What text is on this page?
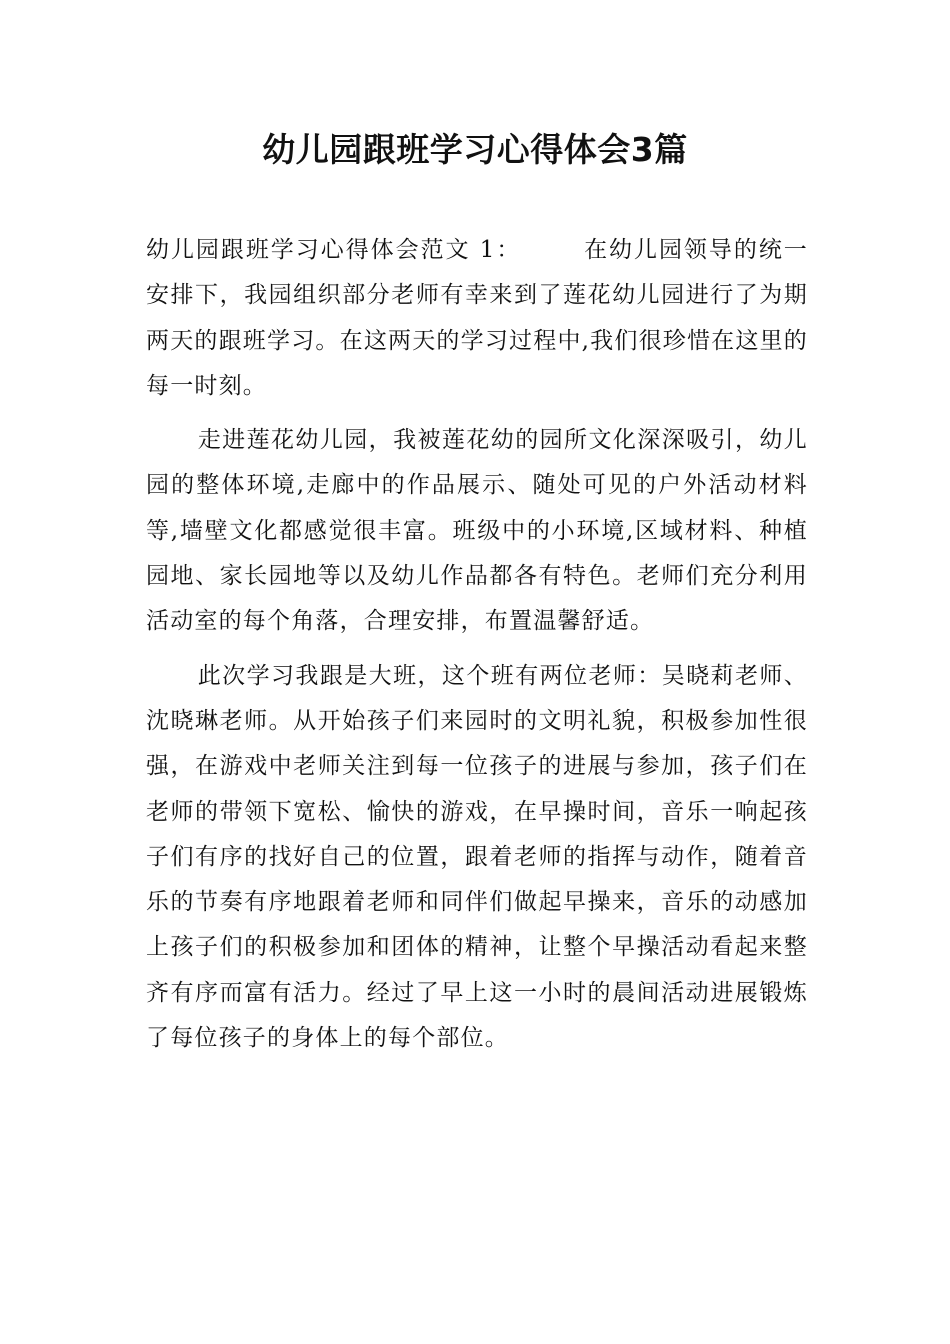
幼儿园跟班学习心得体会3篇

幼儿园跟班学习心得体会范文 1：	在幼儿园领导的统一安排下，我园组织部分老师有幸来到了莲花幼儿园进行了为期两天的跟班学习。在这两天的学习过程中,我们很珍惜在这里的每一时刻。

走进莲花幼儿园，我被莲花幼的园所文化深深吸引，幼儿园的整体环境,走廊中的作品展示、随处可见的户外活动材料等,墙壁文化都感觉很丰富。班级中的小环境,区域材料、种植园地、家长园地等以及幼儿作品都各有特色。老师们充分利用活动室的每个角落，合理安排，布置温馨舒适。

此次学习我跟是大班，这个班有两位老师：吴晓莉老师、沈晓琳老师。从开始孩子们来园时的文明礼貌，积极参加性很强，在游戏中老师关注到每一位孩子的进展与参加，孩子们在老师的带领下宽松、愉快的游戏，在早操时间，音乐一响起孩子们有序的找好自己的位置，跟着老师的指挥与动作，随着音乐的节奏有序地跟着老师和同伴们做起早操来，音乐的动感加上孩子们的积极参加和团体的精神，让整个早操活动看起来整齐有序而富有活力。经过了早上这一小时的晨间活动进展锻炼了每位孩子的身体上的每个部位。
